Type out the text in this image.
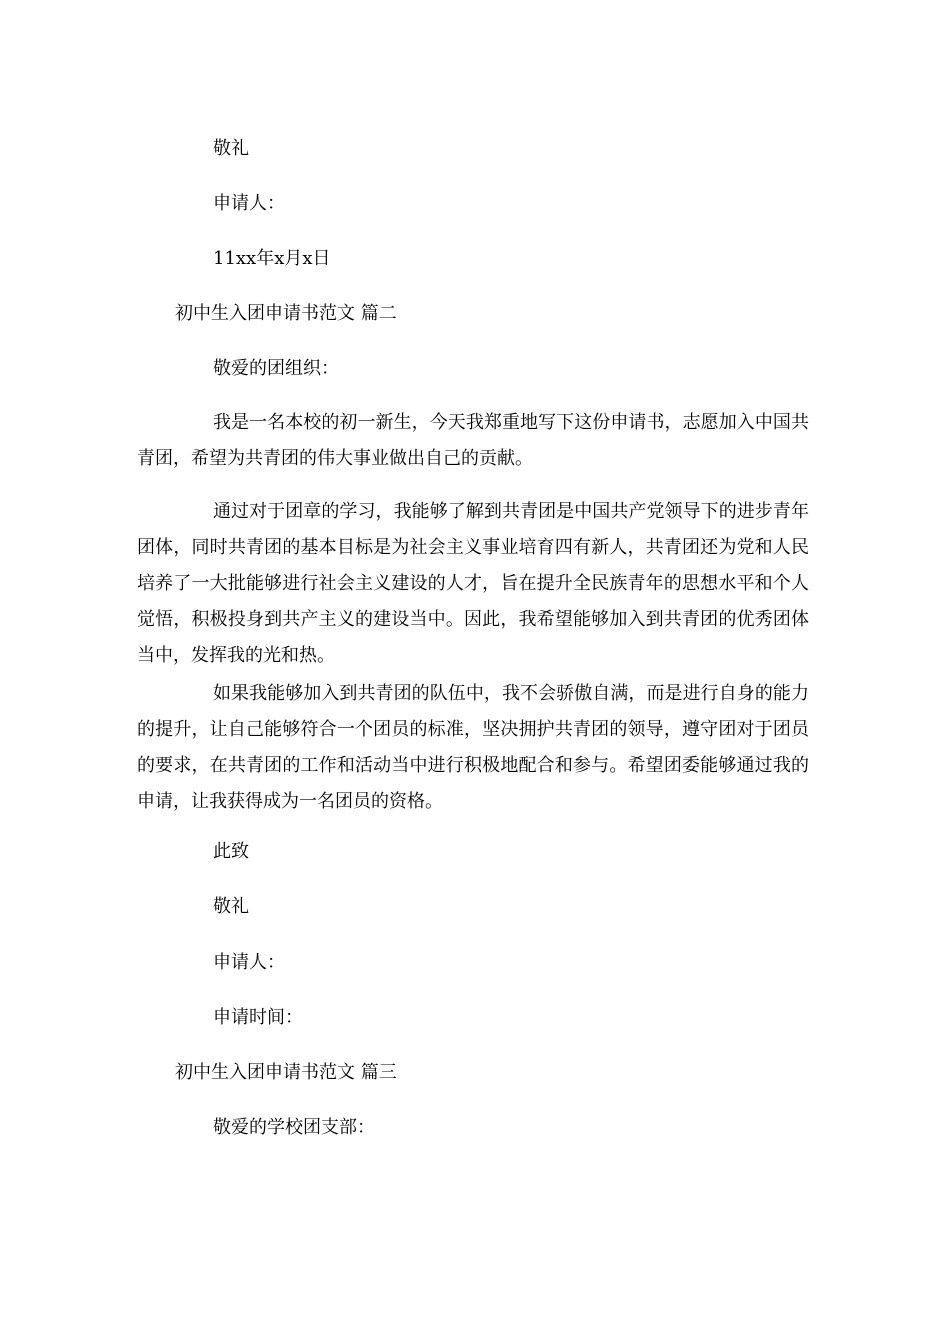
敬礼
申请人：
11xx年x月x日
初中生入团申请书范文 篇二
敬爱的团组织：
我是一名本校的初一新生，今天我郑重地写下这份申请书，志愿加入中国共青团，希望为共青团的伟大事业做出自己的贡献。
通过对于团章的学习，我能够了解到共青团是中国共产党领导下的进步青年团体，同时共青团的基本目标是为社会主义事业培育四有新人，共青团还为党和人民培养了一大批能够进行社会主义建设的人才，旨在提升全民族青年的思想水平和个人觉悟，积极投身到共产主义的建设当中。因此，我希望能够加入到共青团的优秀团体当中，发挥我的光和热。
如果我能够加入到共青团的队伍中，我不会骄傲自满，而是进行自身的能力的提升，让自己能够符合一个团员的标准，坚决拥护共青团的领导，遵守团对于团员的要求，在共青团的工作和活动当中进行积极地配合和参与。希望团委能够通过我的申请，让我获得成为一名团员的资格。
此致
敬礼
申请人：
申请时间：
初中生入团申请书范文 篇三
敬爱的学校团支部：
